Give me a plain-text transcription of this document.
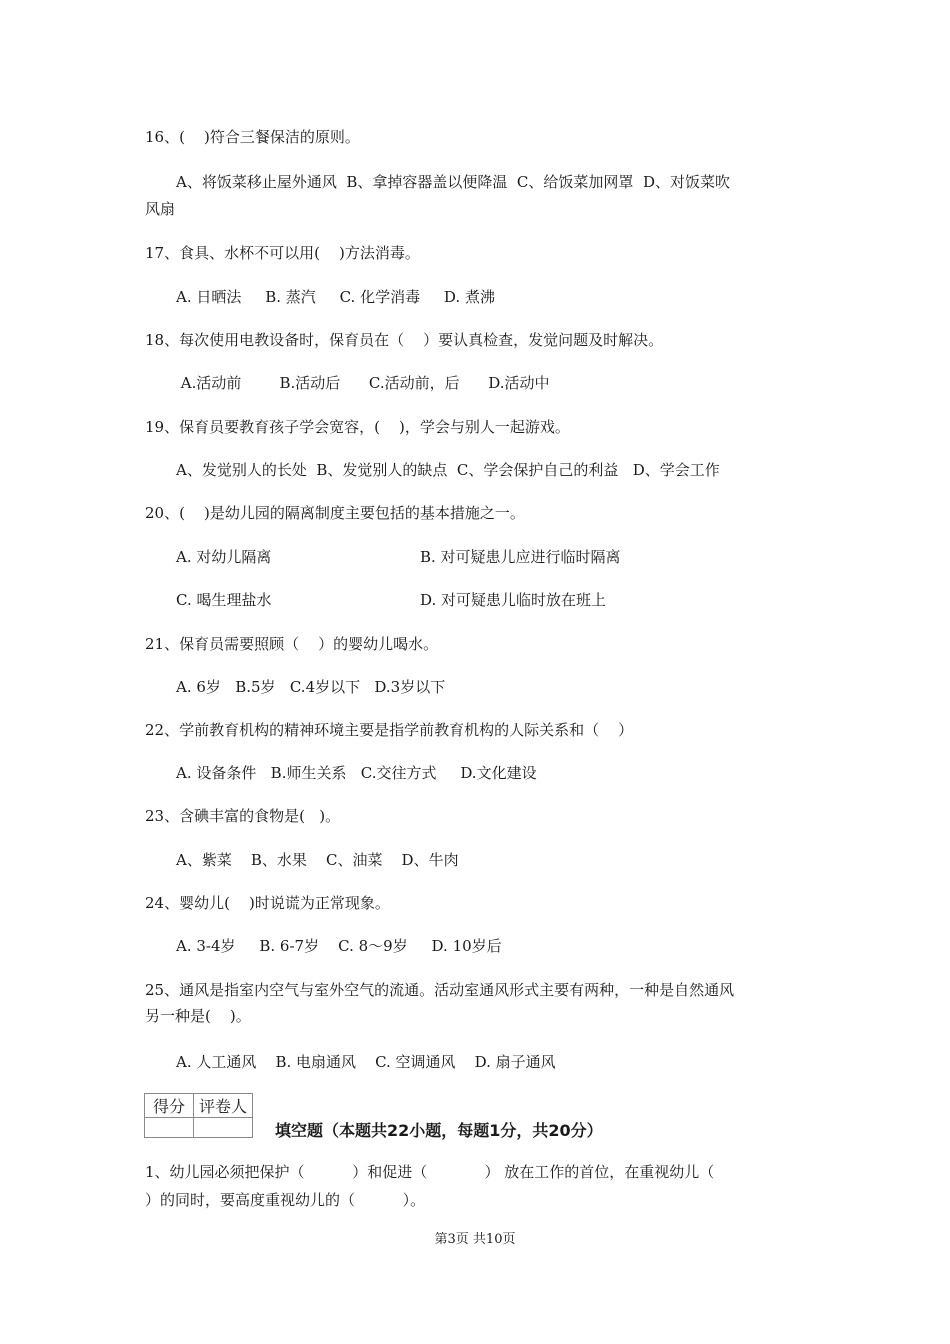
16、(    )符合三餐保洁的原则。
A、将饭菜移止屋外通风  B、拿掉容器盖以便降温  C、给饭菜加网罩  D、对饭菜吹
风扇
17、食具、水杯不可以用(    )方法消毒。
A. 日晒法     B. 蒸汽     C. 化学消毒     D. 煮沸
18、每次使用电教设备时，保育员在（    ）要认真检查，发觉问题及时解决。
A.活动前        B.活动后      C.活动前，后      D.活动中
19、保育员要教育孩子学会宽容，(    )，学会与别人一起游戏。
A、发觉别人的长处  B、发觉别人的缺点  C、学会保护自己的利益   D、学会工作
20、(    )是幼儿园的隔离制度主要包括的基本措施之一。
A. 对幼儿隔离	B. 对可疑患儿应进行临时隔离
C. 喝生理盐水	D. 对可疑患儿临时放在班上
21、保育员需要照顾（    ）的婴幼儿喝水。
A. 6岁   B.5岁   C.4岁以下   D.3岁以下
22、学前教育机构的精神环境主要是指学前教育机构的人际关系和（    ）
A. 设备条件   B.师生关系   C.交往方式     D.文化建设
23、含碘丰富的食物是(   )。
A、紫菜    B、水果    C、油菜    D、牛肉
24、婴幼儿(    )时说谎为正常现象。
A. 3-4岁     B. 6-7岁    C. 8～9岁     D. 10岁后
25、通风是指室内空气与室外空气的流通。活动室通风形式主要有两种，一种是自然通风
另一种是(    )。
A. 人工通风    B. 电扇通风    C. 空调通风    D. 扇子通风
得分	评卷人

填空题（本题共22小题，每题1分，共20分）
1、幼儿园必须把保护（          ）和促进（            ） 放在工作的首位，在重视幼儿（
）的同时，要高度重视幼儿的（          ）。
第3页 共10页
